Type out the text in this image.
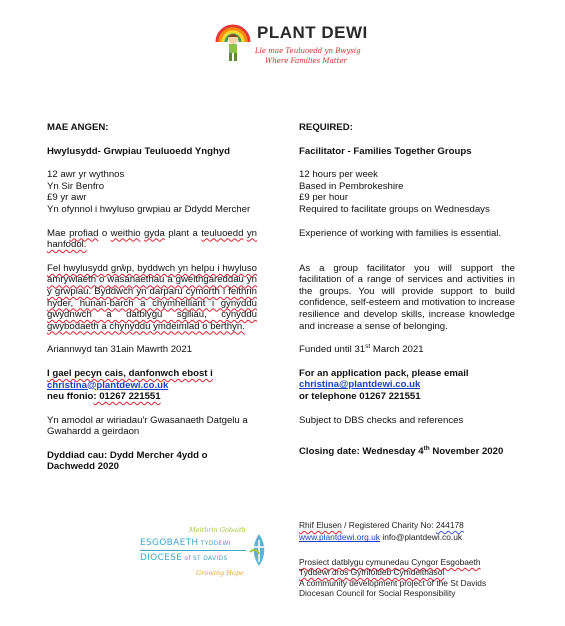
PLANT DEWI
Lle mae Teuluoedd yn Bwysig
Where Families Matter
MAE ANGEN:
Hwylusydd- Grwpiau Teuluoedd Ynghyd
12 awr yr wythnos
Yn Sir Benfro
£9 yr awr
Yn ofynnol i hwyluso grwpiau ar Ddydd Mercher
Mae profiad o weithio gyda plant a teuluoedd yn hanfodol.
Fel hwylusydd grŵp, byddwch yn helpu i hwyluso amrywiaeth o wasanaethau a gweithgareddau yn y grwpiau. Byddwch yn darparu cymorth i feithrin hyder, hunan-barch a chymhelliant i gynyddu gwydnwch a datblygu sgiliau, cynyddu gwybodaeth a chynyddu ymdeimlad o berthyn.
Ariannwyd tan 31ain Mawrth 2021
I gael pecyn cais, danfonwch ebost i
christina@plantdewi.co.uk
neu ffonio: 01267 221551
Yn amodol ar wiriadau'r Gwasanaeth Datgelu a Gwahardd a geirdaon
Dyddiad cau: Dydd Mercher 4ydd o
Dachwedd 2020
REQUIRED:
Facilitator - Families Together Groups
12 hours per week
Based in Pembrokeshire
£9 per hour
Required to facilitate groups on Wednesdays
Experience of working with families is essential.
As a group facilitator you will support the facilitation of a range of services and activities in the groups. You will provide support to build confidence, self-esteem and motivation to increase resilience and develop skills, increase knowledge and increase a sense of belonging.
Funded until 31st March 2021
For an application pack, please email
christina@plantdewi.co.uk
or telephone 01267 221551
Subject to DBS checks and references
Closing date: Wednesday 4th November 2020
Meithrin Gobaith
ESGOBAETH TYDDEWI
DIOCESE of ST DAVIDS
Growing Hope
Rhif Elusen / Registered Charity No: 244178
www.plantdewi.org.uk info@plantdewi.co.uk
Prosiect datblygu cymunedau Cyngor Esgobaeth
Tyddewi dros Gyfrifoldeb Cymdeithasol
A community development project of the St Davids
Diocesan Council for Social Responsibility
